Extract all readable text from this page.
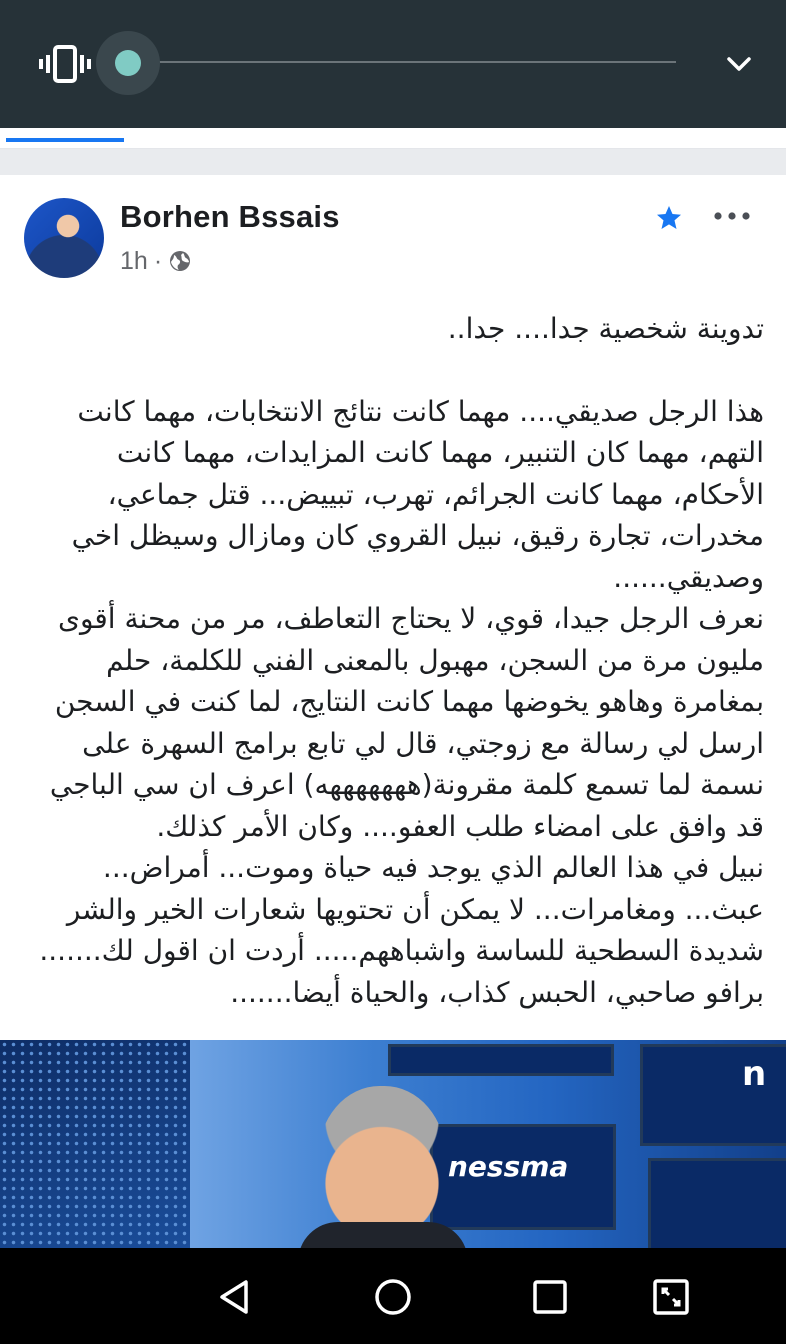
Borhen Bssais
1h ·

تدوينة شخصية جدا.... جدا..

هذا الرجل صديقي.... مهما كانت نتائج الانتخابات، مهما كانت التهم، مهما كان التنبير، مهما كانت المزايدات، مهما كانت الأحكام، مهما كانت الجرائم، تهرب، تبييض... قتل جماعي، مخدرات، تجارة رقيق، نبيل القروي كان ومازال وسيظل اخي وصديقي......

نعرف الرجل جيدا، قوي، لا يحتاج التعاطف، مر من محنة أقوى مليون مرة من السجن، مهبول بالمعنى الفني للكلمة، حلم بمغامرة وهاهو يخوضها مهما كانت النتايج، لما كنت في السجن ارسل لي رسالة مع زوجتي، قال لي تابع برامج السهرة على نسمة لما تسمع كلمة مقرونة(هههههههه) اعرف ان سي الباجي قد وافق على امضاء طلب العفو.... وكان الأمر كذلك.

نبيل في هذا العالم الذي يوجد فيه حياة وموت... أمراض... عبث... ومغامرات... لا يمكن أن تحتويها شعارات الخير والشر شديدة السطحية للساسة واشباههم..... أردت ان اقول لك.......

برافو صاحبي، الحبس كذاب، والحياة أيضا.......

nessma
n
